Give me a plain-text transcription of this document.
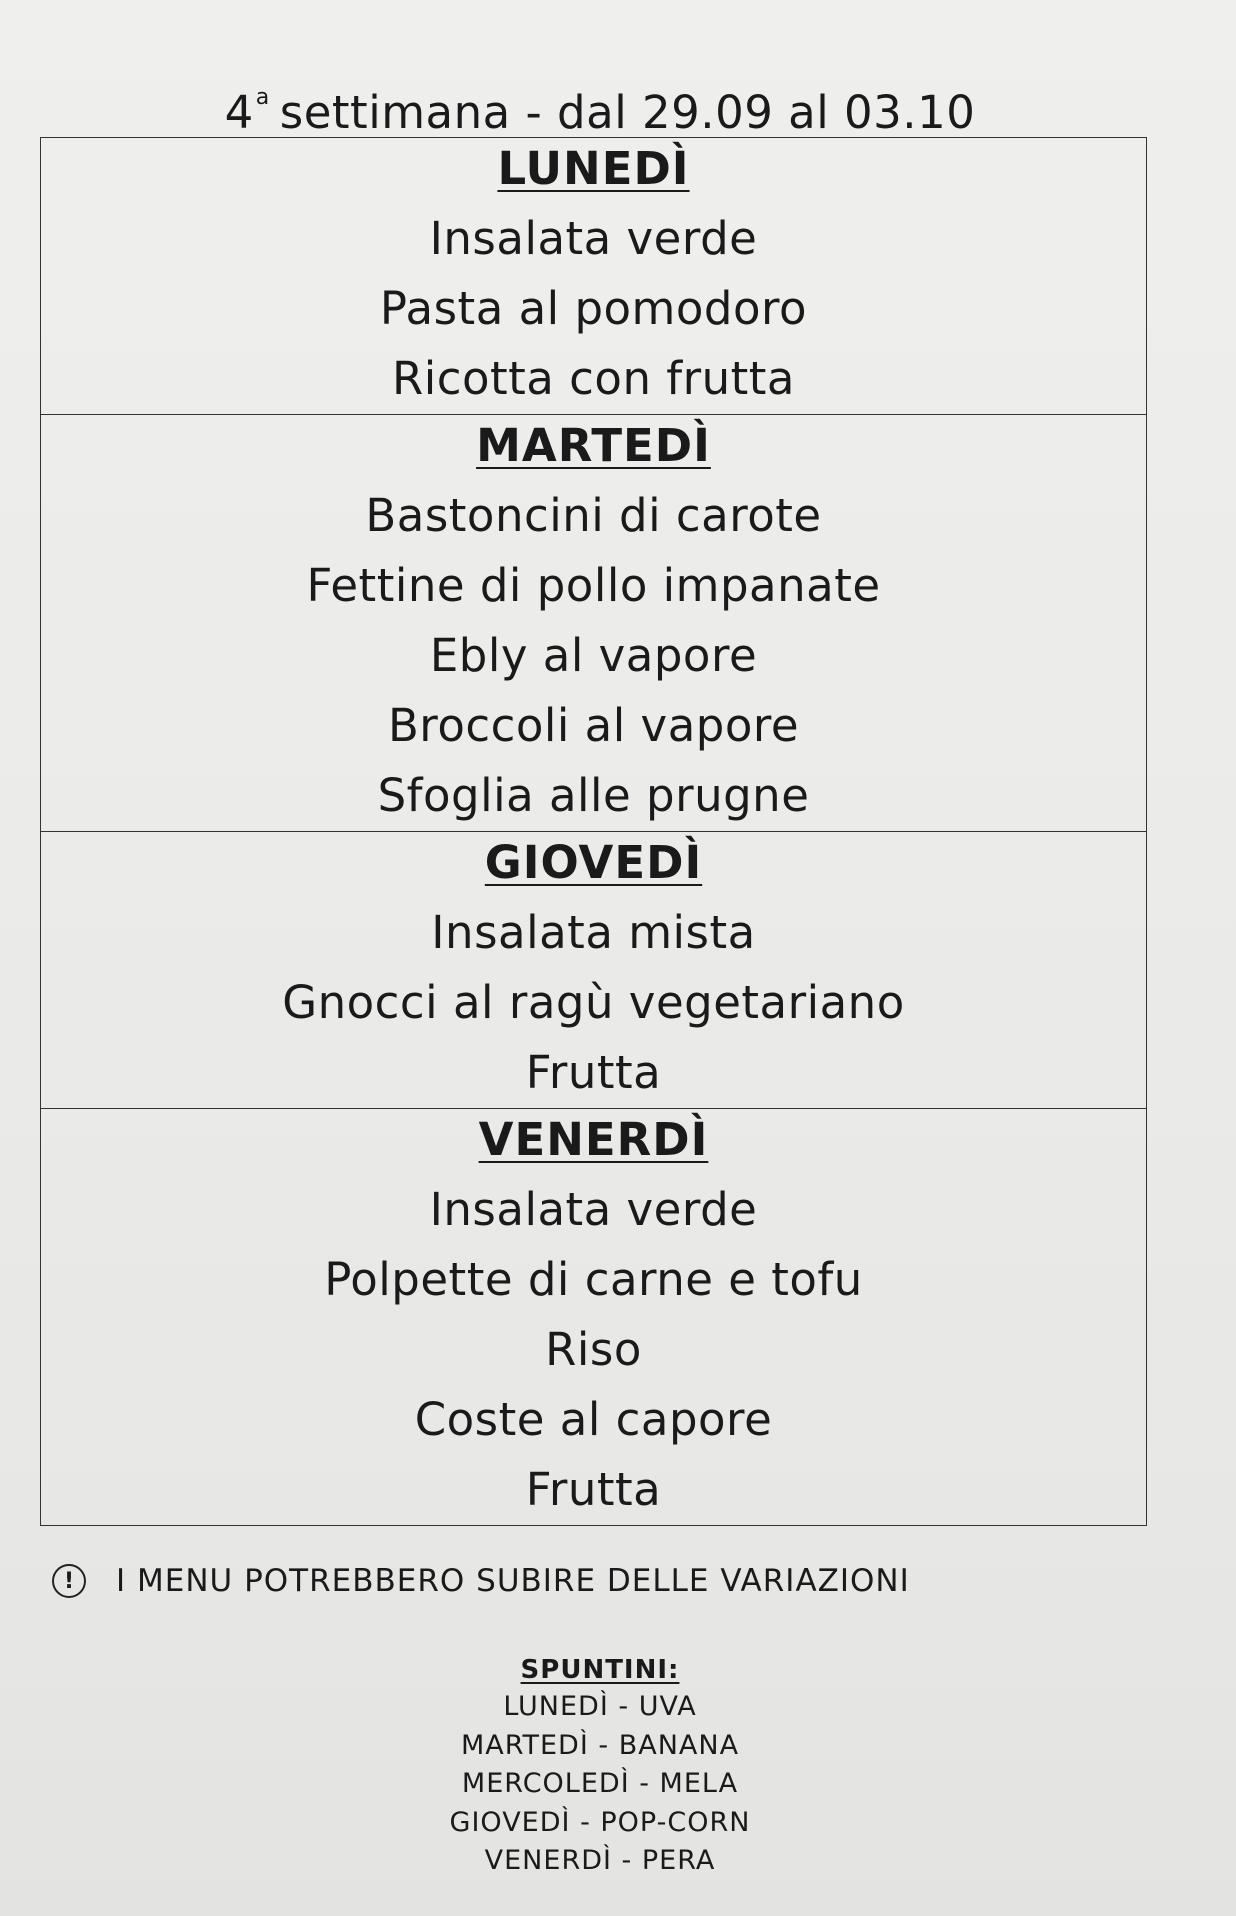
4$^a$ settimana - dal 29.09 al 03.10
LUNEDÌ
Insalata verde
Pasta al pomodoro
Ricotta con frutta
MARTEDÌ
Bastoncini di carote
Fettine di pollo impanate
Ebly al vapore
Broccoli al vapore
Sfoglia alle prugne
GIOVEDÌ
Insalata mista
Gnocci al ragù vegetariano
Frutta
VENERDÌ
Insalata verde
Polpette di carne e tofu
Riso
Coste al capore
Frutta
!	I MENU POTREBBERO SUBIRE DELLE VARIAZIONI
SPUNTINI:
LUNEDÌ - UVA
MARTEDÌ - BANANA
MERCOLEDÌ - MELA
GIOVEDÌ - POP-CORN
VENERDÌ - PERA
